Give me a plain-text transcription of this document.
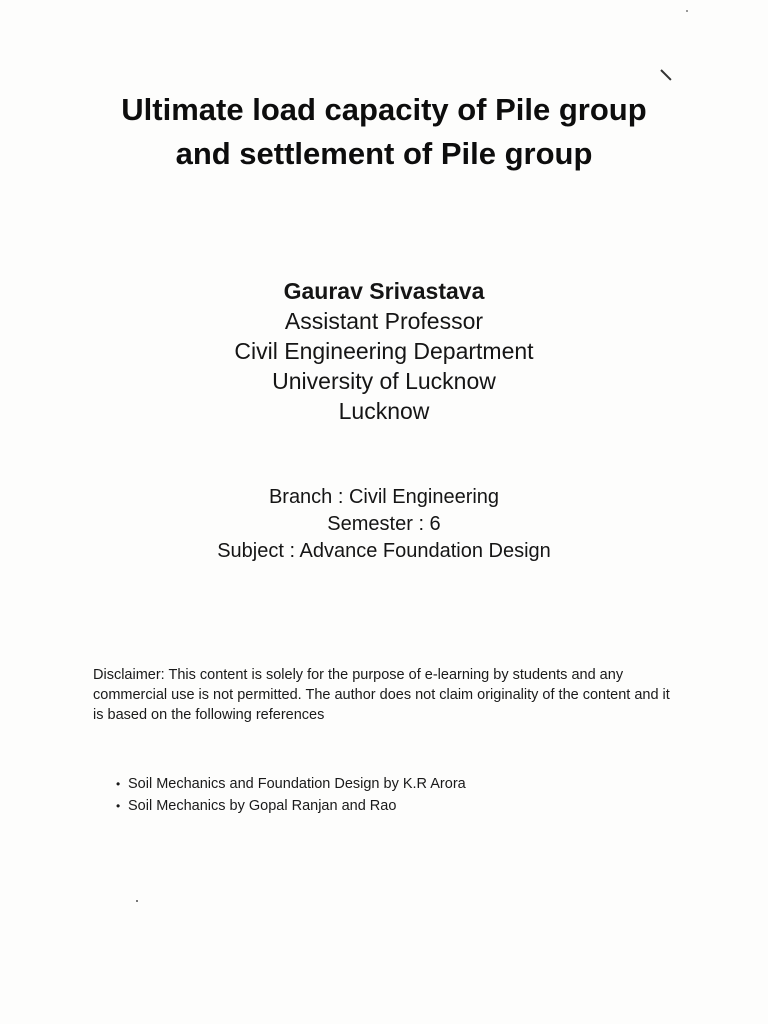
Ultimate load capacity of Pile group
and settlement of Pile group
Gaurav Srivastava
Assistant Professor
Civil Engineering Department
University of Lucknow
Lucknow
Branch : Civil Engineering
Semester : 6
Subject : Advance Foundation Design
Disclaimer: This content is solely for the purpose of e-learning by students and any commercial use is not permitted. The author does not claim originality of the content and it is based on the following references
• Soil Mechanics and Foundation Design by K.R Arora
• Soil Mechanics by Gopal Ranjan and Rao
